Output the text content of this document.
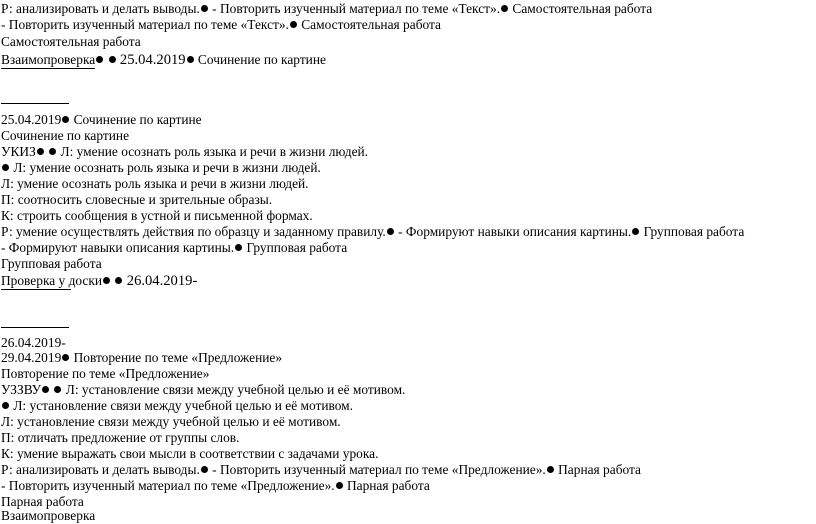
Р: анализировать и делать выводы. - Повторить изученный материал по теме «Текст». Самостоятельная работа
- Повторить изученный материал по теме «Текст». Самостоятельная работа
Самостоятельная работа
Взаимопроверка 25.04.2019 Сочинение по картине
25.04.2019 Сочинение по картине
Сочинение по картине
УКИЗ  Л: умение осознать роль языка и речи в жизни людей.
Л: умение осознать роль языка и речи в жизни людей.
Л: умение осознать роль языка и речи в жизни людей.
П: соотносить словесные и зрительные образы.
К: строить сообщения в устной и письменной формах.
Р: умение осуществлять действия по образцу и заданному правилу. - Формируют навыки описания картины. Групповая работа
- Формируют навыки описания картины. Групповая работа
Групповая работа
Проверка у доски 26.04.2019-
26.04.2019-
29.04.2019 Повторение по теме «Предложение»
Повторение по теме «Предложение»
УЗЗВУ  Л: установление связи между учебной целью и её мотивом.
Л: установление связи между учебной целью и её мотивом.
Л: установление связи между учебной целью и её мотивом.
П: отличать предложение от группы слов.
К: умение выражать свои мысли в соответствии с задачами урока.
Р: анализировать и делать выводы. - Повторить изученный материал по теме «Предложение». Парная работа
- Повторить изученный материал по теме «Предложение». Парная работа
Парная работа
Взаимопроверка
